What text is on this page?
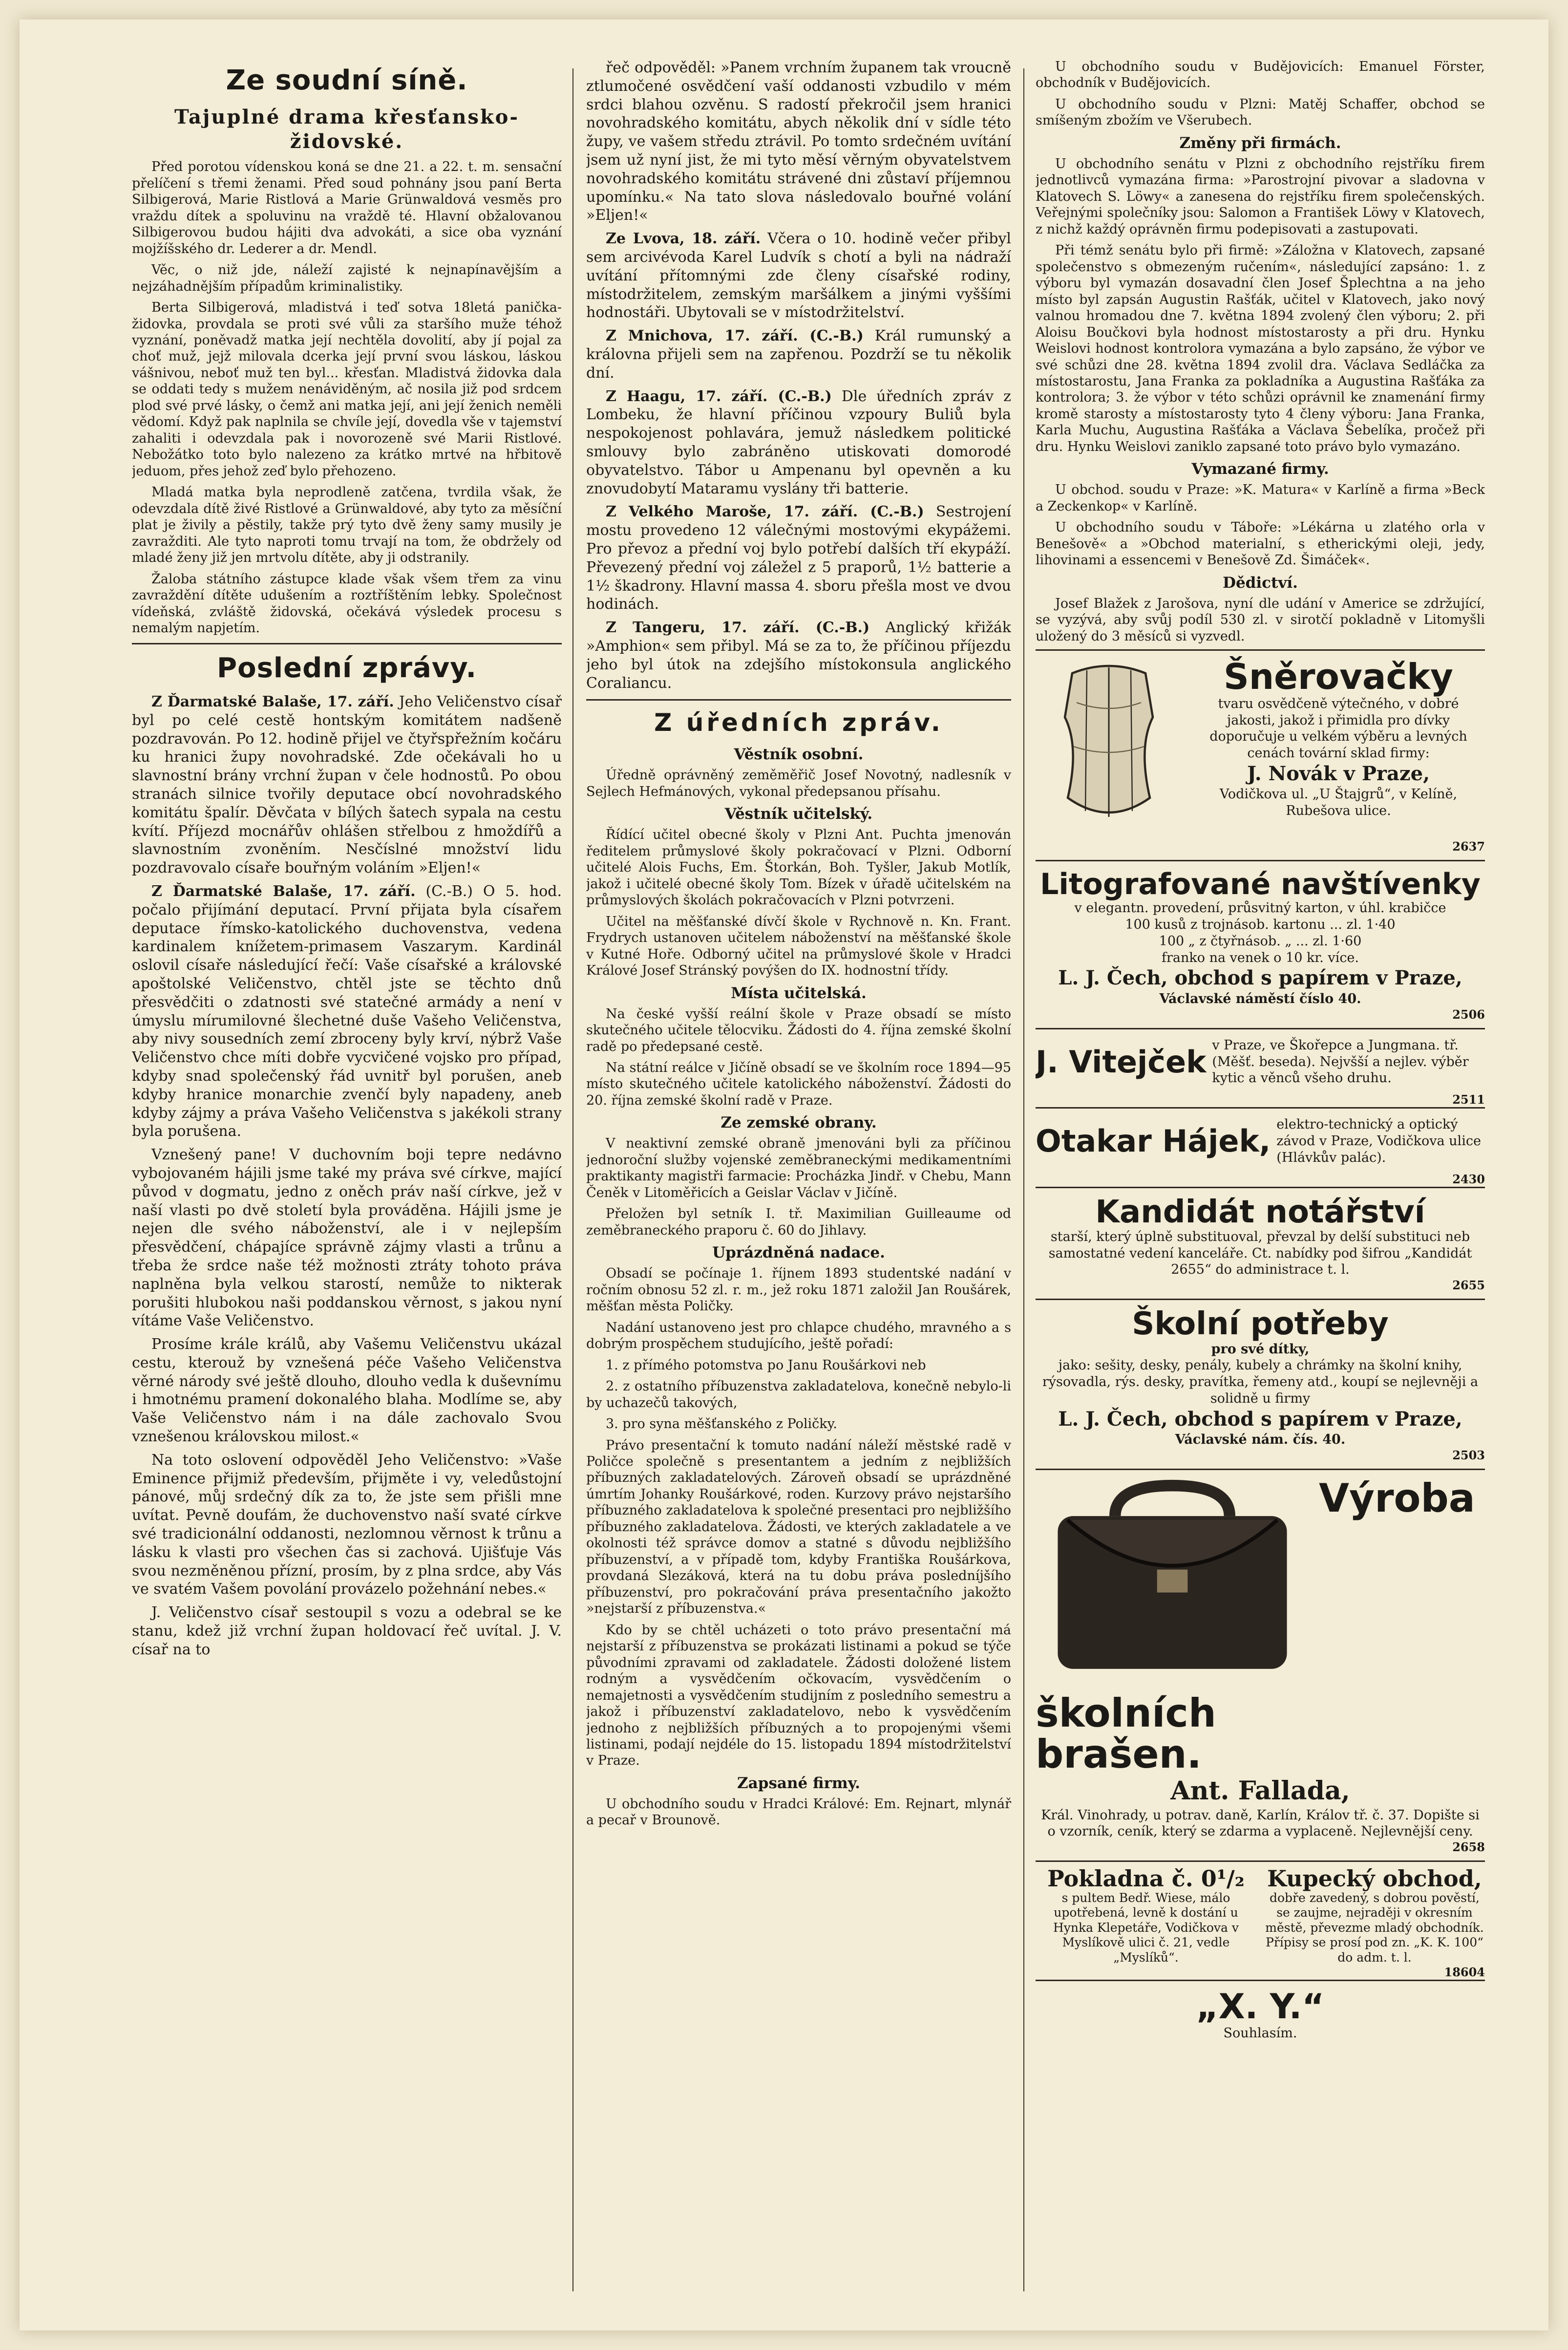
Ze soudní síně.
Tajuplné drama křesťansko-židovské.

Před porotou vídenskou koná se dne 21. a 22. t. m. sensační přelíčení s třemi ženami. Před soud pohnány jsou paní Berta Silbigerová, Marie Ristlová a Marie Grünwaldová vesměs pro vraždu dítek a spoluvinu na vraždě té. Hlavní obžalovanou Silbigerovou budou hájiti dva advokáti, a sice oba vyznání mojžíšského dr. Lederer a dr. Mendl.

Věc, o niž jde, náleží zajisté k nejnapínavějším a nejzáhadnějším případům kriminalistiky.

Berta Silbigerová, mladistvá i teď sotva 18letá panička-židovka, provdala se proti své vůli za staršího muže téhož vyznání, poněvadž matka její nechtěla dovolití, aby jí pojal za choť muž, jejž milovala dcerka její první svou láskou, láskou vášnivou, neboť muž ten byl... křesťan. Mladistvá židovka dala se oddati tedy s mužem nenáviděným, ač nosila již pod srdcem plod své prvé lásky, o čemž ani matka její, ani její ženich neměli vědomí. Když pak naplnila se chvíle její, dovedla vše v tajemství zahaliti i odevzdala pak i novorozeně své Marii Ristlové. Nebožátko toto bylo nalezeno za krátko mrtvé na hřbitově jeduom, přes jehož zeď bylo přehozeno.

Mladá matka byla neprodleně zatčena, tvrdila však, že odevzdala dítě živé Ristlové a Grünwaldové, aby tyto za měsíční plat je živily a pěstily, takže prý tyto dvě ženy samy musily je zavražditi. Ale tyto naproti tomu trvají na tom, že obdržely od mladé ženy již jen mrtvolu dítěte, aby ji odstranily.

Žaloba státního zástupce klade však všem třem za vinu zavraždění dítěte udušením a roztříštěním lebky. Společnost vídeňská, zvláště židovská, očekává výsledek procesu s nemalým napjetím.

Poslední zprávy.

Z Ďarmatské Balaše, 17. září. Jeho Veličenstvo císař byl po celé cestě hontským komitátem nadšeně pozdravován. Po 12. hodině přijel ve čtyřspřežním kočáru ku hranici župy novohradské. Zde očekávali ho u slavnostní brány vrchní župan v čele hodnostů. Po obou stranách silnice tvořily deputace obcí novohradského komitátu špalír. Děvčata v bílých šatech sypala na cestu kvítí. Příjezd mocnářův ohlášen střelbou z hmoždířů a slavnostním zvoněním. Nesčíslné množství lidu pozdravovalo císaře bouřným voláním »Eljen!«

Z Ďarmatské Balaše, 17. září. (C.-B.) O 5. hod. počalo přijímání deputací. První přijata byla císařem deputace římsko-katolického duchovenstva, vedena kardinalem knížetem-primasem Vaszarym. Kardinál oslovil císaře následující řečí: Vaše císařské a královské apoštolské Veličenstvo, chtěl jste se těchto dnů přesvědčiti o zdatnosti své statečné armády a není v úmyslu mírumilovné šlechetné duše Vašeho Veličenstva, aby nivy sousedních zemí zbroceny byly krví, nýbrž Vaše Veličenstvo chce míti dobře vycvičené vojsko pro případ, kdyby snad společenský řád uvnitř byl porušen, aneb kdyby hranice monarchie zvenčí byly napadeny, aneb kdyby zájmy a práva Vašeho Veličenstva s jakékoli strany byla porušena.

Vznešený pane! V duchovním boji tepre nedávno vybojovaném hájili jsme také my práva své církve, mající původ v dogmatu, jedno z oněch práv naší církve, jež v naší vlasti po dvě století byla prováděna. Hájili jsme je nejen dle svého náboženství, ale i v nejlepším přesvědčení, chápajíce správně zájmy vlasti a trůnu a třeba že srdce naše též možnosti ztráty tohoto práva naplněna byla velkou starostí, nemůže to nikterak porušiti hlubokou naši poddanskou věrnost, s jakou nyní vítáme Vaše Veličenstvo.

Prosíme krále králů, aby Vašemu Veličenstvu ukázal cestu, kterouž by vznešená péče Vašeho Veličenstva věrné národy své ještě dlouho, dlouho vedla k duševnímu i hmotnému pramení dokonalého blaha. Modlíme se, aby Vaše Veličenstvo nám i na dále zachovalo Svou vznešenou královskou milost.«

Na toto oslovení odpověděl Jeho Veličenstvo: »Vaše Eminence přijmiž především, přijměte i vy, veledůstojní pánové, můj srdečný dík za to, že jste sem přišli mne uvítat. Pevně doufám, že duchovenstvo naší svaté církve své tradicionální oddanosti, nezlomnou věrnost k trůnu a lásku k vlasti pro všechen čas si zachová. Ujišťuje Vás svou nezměněnou přízní, prosím, by z plna srdce, aby Vás ve svatém Vašem povolání provázelo požehnání nebes.«

J. Veličenstvo císař sestoupil s vozu a odebral se ke stanu, kdež již vrchní župan holdovací řeč uvítal. J. V. císař na to

řeč odpověděl: »Panem vrchním županem tak vroucně ztlumočené osvědčení vaší oddanosti vzbudilo v mém srdci blahou ozvěnu. S radostí překročil jsem hranici novohradského komitátu, abych několik dní v sídle této župy, ve vašem středu ztrávil. Po tomto srdečném uvítání jsem už nyní jist, že mi tyto měsí věrným obyvatelstvem novohradského komitátu strávené dni zůstaví příjemnou upomínku.« Na tato slova následovalo bouřné volání »Eljen!«

Ze Lvova, 18. září. Včera o 10. hodině večer přibyl sem arcivévoda Karel Ludvík s chotí a byli na nádraží uvítání přítomnými zde členy císařské rodiny, místodržitelem, zemským maršálkem a jinými vyššími hodnostáři. Ubytovali se v místodržitelství.

Z Mnichova, 17. září. (C.-B.) Král rumunský a královna přijeli sem na zapřenou. Pozdrží se tu několik dní.

Z Haagu, 17. září. (C.-B.) Dle úředních zpráv z Lombeku, že hlavní příčinou vzpoury Buliů byla nespokojenost pohlavára, jemuž následkem politické smlouvy bylo zabráněno utiskovati domorodé obyvatelstvo. Tábor u Ampenanu byl opevněn a ku znovudobytí Mataramu vyslány tři batterie.

Z Velkého Maroše, 17. září. (C.-B.) Sestrojení mostu provedeno 12 válečnými mostovými ekypážemi. Pro převoz a přední voj bylo potřebí dalších tří ekypáží. Převezený přední voj záležel z 5 praporů, 1½ batterie a 1½ škadrony. Hlavní massa 4. sboru přešla most ve dvou hodinách.

Z Tangeru, 17. září. (C.-B.) Anglický křižák »Amphion« sem přibyl. Má se za to, že příčinou příjezdu jeho byl útok na zdejšího místokonsula anglického Coraliancu.

Z úředních zpráv.
Věstník osobní.

Úředně oprávněný zeměměřič Josef Novotný, nadlesník v Sejlech Hefmánových, vykonal předepsanou přísahu.

Věstník učitelský.

Řídící učitel obecné školy v Plzni Ant. Puchta jmenován ředitelem průmyslové školy pokračovací v Plzni. Odborní učitelé Alois Fuchs, Em. Štorkán, Boh. Tyšler, Jakub Motlík, jakož i učitelé obecné školy Tom. Bízek v úřadě učitelském na průmyslových školách pokračovacích v Plzni potvrzeni.

Učitel na měšťanské dívčí škole v Rychnově n. Kn. Frant. Frydrych ustanoven učitelem náboženství na měšťanské škole v Kutné Hoře. Odborný učitel na průmyslové škole v Hradci Králové Josef Stránský povýšen do IX. hodnostní třídy.

Místa učitelská.

Na české vyšší reální škole v Praze obsadí se místo skutečného učitele tělocviku. Žádosti do 4. října zemské školní radě po předepsané cestě.

Na státní reálce v Jičíně obsadí se ve školním roce 1894—95 místo skutečného učitele katolického náboženství. Žádosti do 20. října zemské školní radě v Praze.

Ze zemské obrany.

V neaktivní zemské obraně jmenováni byli za příčinou jednoroční služby vojenské zeměbraneckými medikamentními praktikanty magistři farmacie: Procházka Jindř. v Chebu, Mann Čeněk v Litoměřicích a Geislar Václav v Jičíně.

Přeložen byl setník I. tř. Maximilian Guilleaume od zeměbraneckého praporu č. 60 do Jihlavy.

Uprázdněná nadace.

Obsadí se počínaje 1. říjnem 1893 studentské nadání v ročním obnosu 52 zl. r. m., jež roku 1871 založil Jan Roušárek, měšťan města Poličky.

Nadání ustanoveno jest pro chlapce chudého, mravného a s dobrým prospěchem studujícího, ještě pořadí:

1. z přímého potomstva po Janu Roušárkovi neb

2. z ostatního příbuzenstva zakladatelova, konečně nebylo-li by uchazečů takových,

3. pro syna měšťanského z Poličky.

Právo presentační k tomuto nadání náleží městské radě v Poličce společně s presentantem a jedním z nejbližších příbuzných zakladatelových. Zároveň obsadí se uprázdněné úmrtím Johanky Roušárkové, roden. Kurzovy právo nejstaršího příbuzného zakladatelova k společné presentaci pro nejbližšího příbuzného zakladatelova. Žádosti, ve kterých zakladatele a ve okolnosti též správce domov a statné s důvodu nejbližšího příbuzenství, a v případě tom, kdyby Františka Roušárkova, provdaná Slezáková, která na tu dobu práva posledníjšího příbuzenství, pro pokračování práva presentačního jakožto »nejstarší z příbuzenstva.«

Kdo by se chtěl ucházeti o toto právo presentační má nejstarší z příbuzenstva se prokázati listinami a pokud se týče původními zpravami od zakladatele. Žádosti doložené listem rodným a vysvědčením očkovacím, vysvědčením o nemajetnosti a vysvědčením studijním z posledního semestru a jakož i příbuzenství zakladatelovo, nebo k vysvědčením jednoho z nejbližších příbuzných a to propojenými všemi listinami, podají nejdéle do 15. listopadu 1894 místodržitelství v Praze.

Zapsané firmy.

U obchodního soudu v Hradci Králové: Em. Rejnart, mlynář a pecař v Brounově.

U obchodního soudu v Budějovicích: Emanuel Förster, obchodník v Budějovicích.

U obchodního soudu v Plzni: Matěj Schaffer, obchod se smíšeným zbožím ve Všerubech.

Změny při firmách.

U obchodního senátu v Plzni z obchodního rejstříku firem jednotlivců vymazána firma: »Parostrojní pivovar a sladovna v Klatovech S. Löwy« a zanesena do rejstříku firem společenských. Veřejnými společníky jsou: Salomon a František Löwy v Klatovech, z nichž každý oprávněn firmu podepisovati a zastupovati.

Při témž senátu bylo při firmě: »Záložna v Klatovech, zapsané společenstvo s obmezeným ručením«, následující zapsáno: 1. z výboru byl vymazán dosavadní člen Josef Šplechtna a na jeho místo byl zapsán Augustin Rašťák, učitel v Klatovech, jako nový valnou hromadou dne 7. května 1894 zvolený člen výboru; 2. při Aloisu Boučkovi byla hodnost místostarosty a při dru. Hynku Weislovi hodnost kontrolora vymazána a bylo zapsáno, že výbor ve své schůzi dne 28. května 1894 zvolil dra. Václava Sedláčka za místostarostu, Jana Franka za pokladníka a Augustina Rašťáka za kontrolora; 3. že výbor v této schůzi oprávnil ke znamenání firmy kromě starosty a místostarosty tyto 4 členy výboru: Jana Franka, Karla Muchu, Augustina Rašťáka a Václava Šebelíka, pročež při dru. Hynku Weislovi zaniklo zapsané toto právo bylo vymazáno.

Vymazané firmy.

U obchod. soudu v Praze: »K. Matura« v Karlíně a firma »Beck a Zeckenkop« v Karlíně.

U obchodního soudu v Táboře: »Lékárna u zlatého orla v Benešově« a »Obchod materialní, s etherickými oleji, jedy, lihovinami a essencemi v Benešově Zd. Šimáček«.

Dědictví.

Josef Blažek z Jarošova, nyní dle udání v Americe se zdržující, se vyzývá, aby svůj podíl 530 zl. v sirotčí pokladně v Litomyšli uložený do 3 měsíců si vyzvedl.

Šněrovačky
tvaru osvědčeně výtečného, v dobré jakosti, jakož i přimidla pro dívky doporučuje u velkém výběru a levných cenách tovární sklad firmy:
J. Novák v Praze,
Vodičkova ul. „U Štajgrů“, v Kelíně, Rubešova ulice.
2637
Litografované navštívenky
v elegantn. provedení, průsvitný karton, v úhl. krabičce
100 kusů z trojnásob. kartonu ... zl. 1·40
100 „ z čtyřnásob. „ ... zl. 1·60
franko na venek o 10 kr. více.
L. J. Čech, obchod s papírem v Praze,
Václavské náměstí číslo 40.
2506
J. Vitejček v Praze, ve Škořepce a Jungmana. tř. (Měšť. beseda). Nejvšší a nejlev. výběr kytic a věnců všeho druhu.
2511
Otakar Hájek, elektro-technický a optický závod v Praze, Vodičkova ulice (Hlávkův palác).
2430
Kandidát notářství
starší, který úplně substituoval, převzal by delší substituci neb samostatné vedení kanceláře. Ct. nabídky pod šifrou „Kandidát 2655“ do administrace t. l.
2655
Školní potřeby
pro své dítky,
jako: sešity, desky, penály, kubely a chrámky na školní knihy, rýsovadla, rýs. desky, pravítka, řemeny atd., koupí se nejlevněji a solidně u firmy
L. J. Čech, obchod s papírem v Praze,
Václavské nám. čís. 40.
2503
Výroba
školních
brašen.
Ant. Fallada,
Král. Vinohrady, u potrav. daně, Karlín, Králov tř. č. 37. Dopište si o vzorník, ceník, který se zdarma a vyplaceně. Nejlevnější ceny.
2658
Pokladna č. 0¹/₂
s pultem Bedř. Wiese, málo upotřebená, levně k dostání u Hynka Klepetáře, Vodičkova v Myslíkově ulici č. 21, vedle „Myslíků“.
Kupecký obchod,
dobře zavedený, s dobrou pověstí, se zaujme, nejraději v okresním městě, převezme mladý obchodník. Přípisy se prosí pod zn. „K. K. 100“ do adm. t. l.
18604
„X. Y.“
Souhlasím.
